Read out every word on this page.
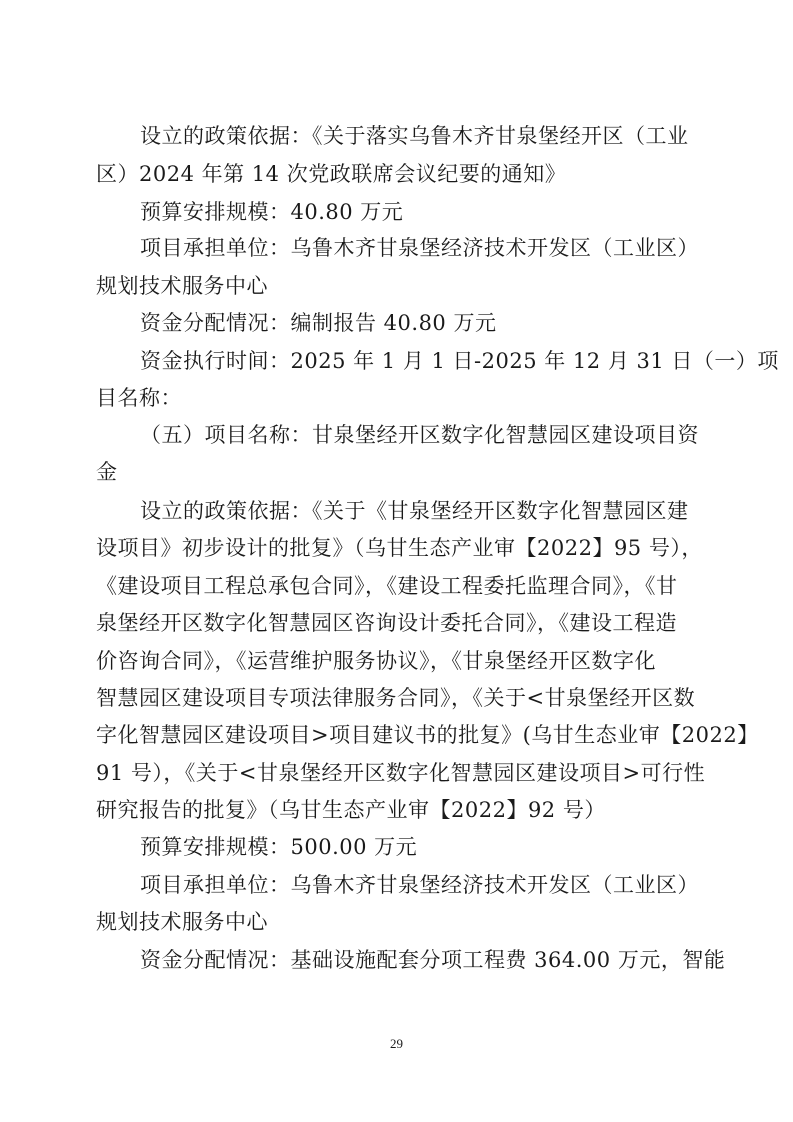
设立的政策依据：《关于落实乌鲁木齐甘泉堡经开区（工业
区）2024 年第 14 次党政联席会议纪要的通知》
预算安排规模：40.80 万元
项目承担单位：乌鲁木齐甘泉堡经济技术开发区（工业区）
规划技术服务中心
资金分配情况：编制报告 40.80 万元
资金执行时间：2025 年 1 月 1 日-2025 年 12 月 31 日（一）项
目名称：
（五）项目名称：甘泉堡经开区数字化智慧园区建设项目资
金
设立的政策依据：《关于《甘泉堡经开区数字化智慧园区建
设项目》初步设计的批复》（乌甘生态产业审【2022】95 号），
《建设项目工程总承包合同》，《建设工程委托监理合同》，《甘
泉堡经开区数字化智慧园区咨询设计委托合同》，《建设工程造
价咨询合同》，《运营维护服务协议》，《甘泉堡经开区数字化
智慧园区建设项目专项法律服务合同》，《关于<甘泉堡经开区数
字化智慧园区建设项目>项目建议书的批复》(乌甘生态业审【2022】
91 号），《关于<甘泉堡经开区数字化智慧园区建设项目>可行性
研究报告的批复》（乌甘生态产业审【2022】92 号）
预算安排规模：500.00 万元
项目承担单位：乌鲁木齐甘泉堡经济技术开发区（工业区）
规划技术服务中心
资金分配情况：基础设施配套分项工程费 364.00 万元，智能
29
